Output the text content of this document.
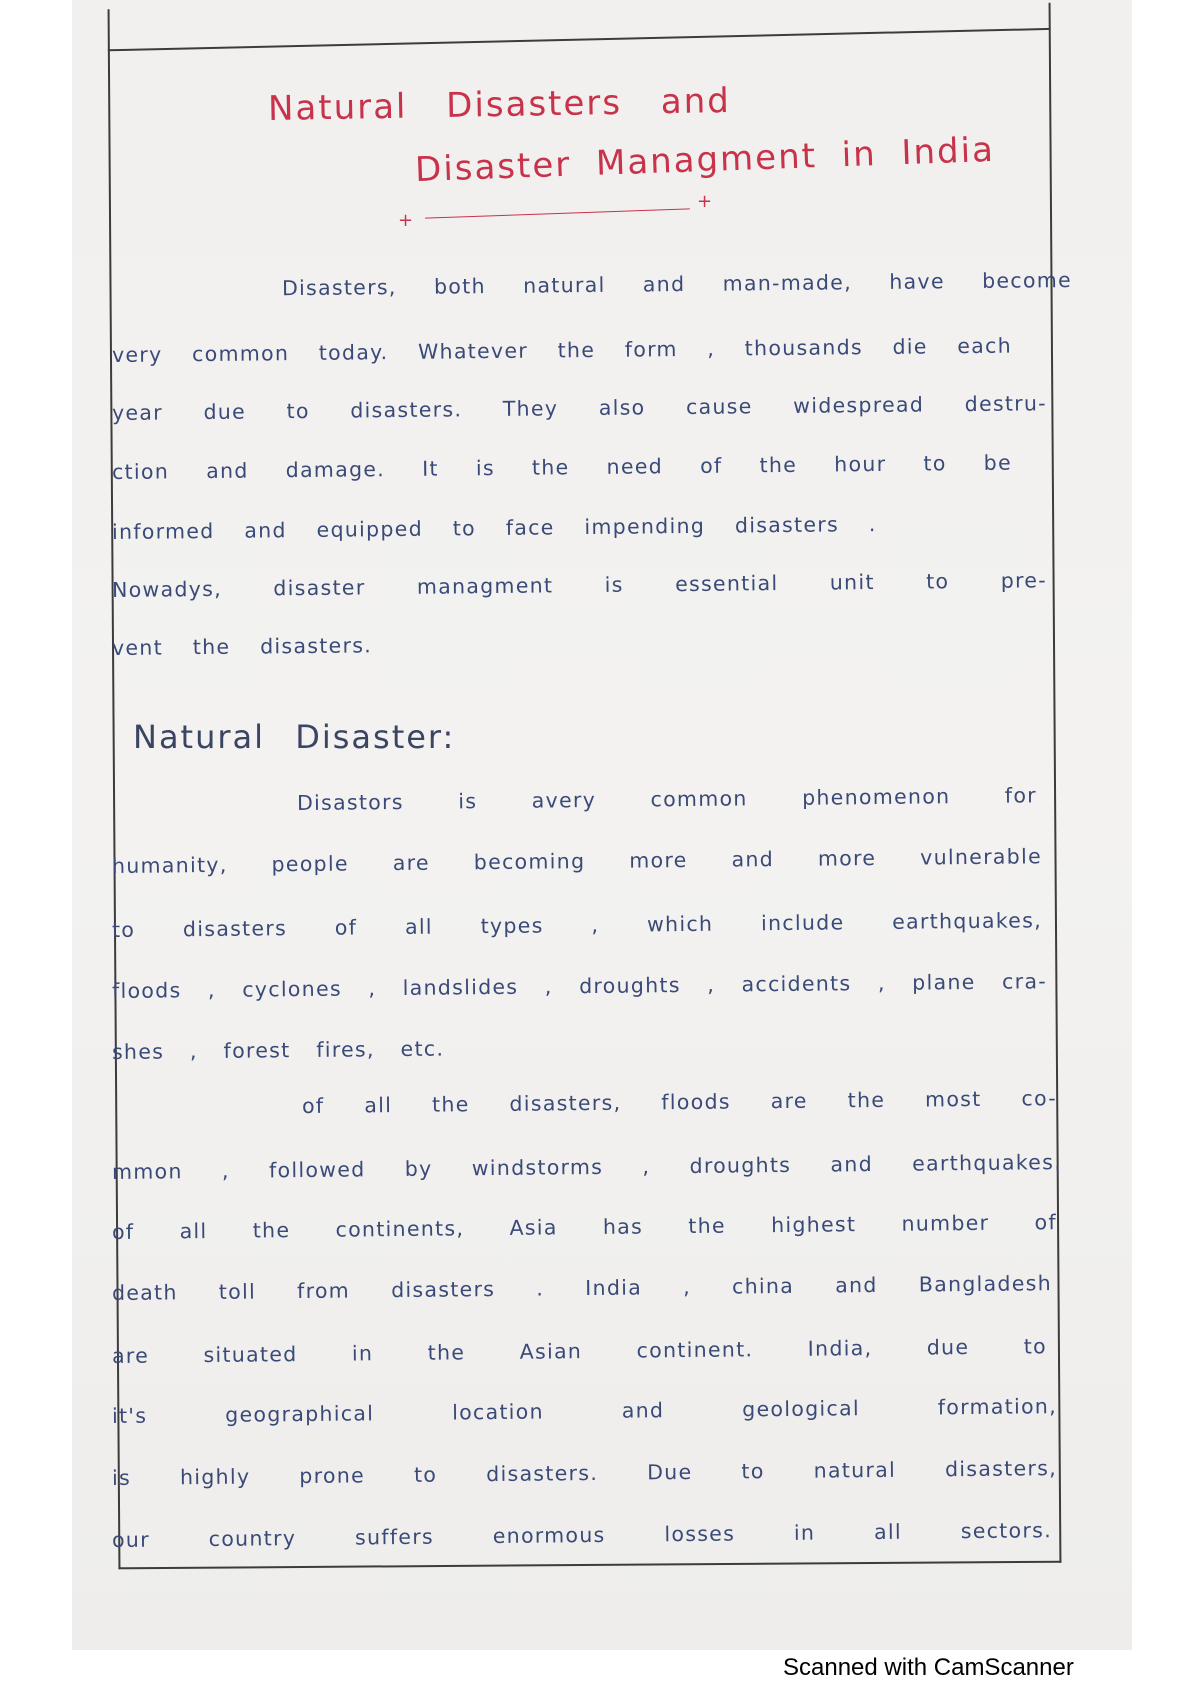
Natural Disasters and
Disaster Managment in India
+
+
Disasters, both natural and man-made, have become
very common today. Whatever the form , thousands die each
year due to disasters. They also cause widespread destru-
ction and damage. It is the need of the hour to be
informed and equipped to face impending disasters .
Nowadys, disaster managment is essential unit to pre-
vent the disasters.
Natural Disaster:
Disastors is avery common phenomenon for
humanity, people are becoming more and more vulnerable
to disasters of all types , which include earthquakes,
floods , cyclones , landslides , droughts , accidents , plane cra-
shes , forest fires, etc.
of all the disasters, floods are the most co-
mmon , followed by windstorms , droughts and earthquakes.
of all the continents, Asia has the highest number of
death toll from disasters . India , china and Bangladesh
are situated in the Asian continent. India, due to
it's geographical location and geological formation,
is highly prone to disasters. Due to natural disasters,
our country suffers enormous losses in all sectors.
Scanned with CamScanner
